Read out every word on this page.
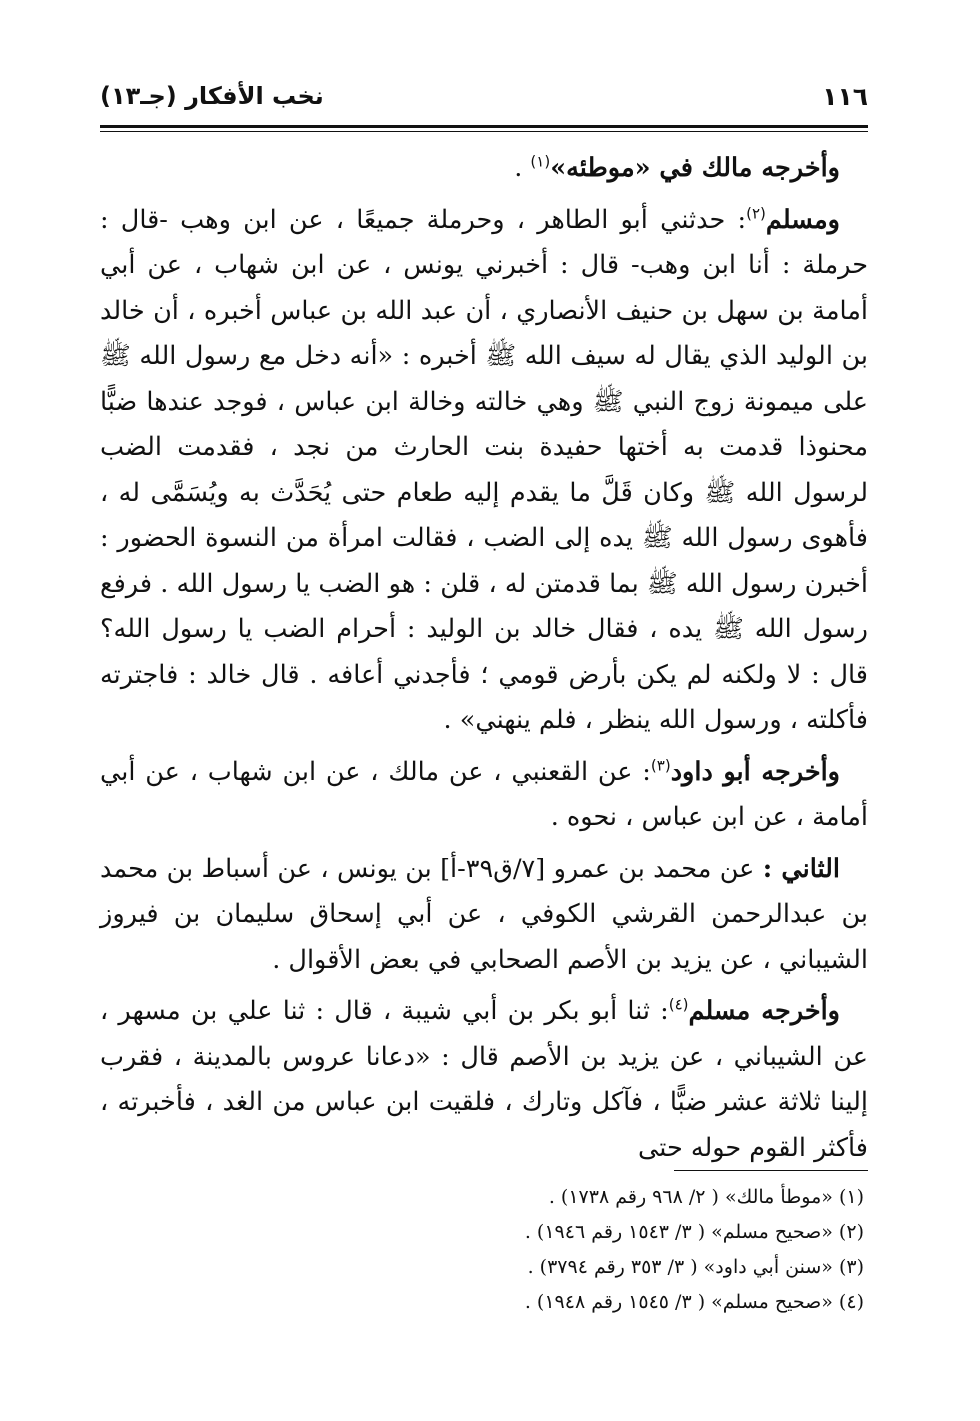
١١٦
نخب الأفكار (جـ١٣)

وأخرجه مالك في «موطئه»$^{(١)}$ .

ومسلم$^{(٢)}$: حدثني أبو الطاهر ، وحرملة جميعًا ، عن ابن وهب -قال : حرملة : أنا ابن وهب- قال : أخبرني يونس ، عن ابن شهاب ، عن أبي أمامة بن سهل بن حنيف الأنصاري ، أن عبد الله بن عباس أخبره ، أن خالد بن الوليد الذي يقال له سيف الله ﷺ أخبره : «أنه دخل مع رسول الله ﷺ على ميمونة زوج النبي ﷺ وهي خالته وخالة ابن عباس ، فوجد عندها ضبًّا محنوذا قدمت به أختها حفيدة بنت الحارث من نجد ، فقدمت الضب لرسول الله ﷺ وكان قَلَّ ما يقدم إليه طعام حتى يُحَدَّث به ويُسَمَّى له ، فأهوى رسول الله ﷺ يده إلى الضب ، فقالت امرأة من النسوة الحضور : أخبرن رسول الله ﷺ بما قدمتن له ، قلن : هو الضب يا رسول الله . فرفع رسول الله ﷺ يده ، فقال خالد بن الوليد : أحرام الضب يا رسول الله؟ قال : لا ولكنه لم يكن بأرض قومي ؛ فأجدني أعافه . قال خالد : فاجترته فأكلته ، ورسول الله ينظر ، فلم ينهني» .

وأخرجه أبو داود$^{(٣)}$: عن القعنبي ، عن مالك ، عن ابن شهاب ، عن أبي أمامة ، عن ابن عباس ، نحوه .

الثاني : عن محمد بن عمرو [٧/ق٣٩-أ] بن يونس ، عن أسباط بن محمد بن عبدالرحمن القرشي الكوفي ، عن أبي إسحاق سليمان بن فيروز الشيباني ، عن يزيد بن الأصم الصحابي في بعض الأقوال .

وأخرجه مسلم$^{(٤)}$: ثنا أبو بكر بن أبي شيبة ، قال : ثنا علي بن مسهر ، عن الشيباني ، عن يزيد بن الأصم قال : «دعانا عروس بالمدينة ، فقرب إلينا ثلاثة عشر ضبًّا ، فآكل وتارك ، فلقيت ابن عباس من الغد ، فأخبرته ، فأكثر القوم حوله حتى

(١) «موطأ مالك» ( ٢/ ٩٦٨ رقم ١٧٣٨) .

(٢) «صحيح مسلم» ( ٣/ ١٥٤٣ رقم ١٩٤٦) .

(٣) «سنن أبي داود» ( ٣/ ٣٥٣ رقم ٣٧٩٤) .

(٤) «صحيح مسلم» ( ٣/ ١٥٤٥ رقم ١٩٤٨) .
